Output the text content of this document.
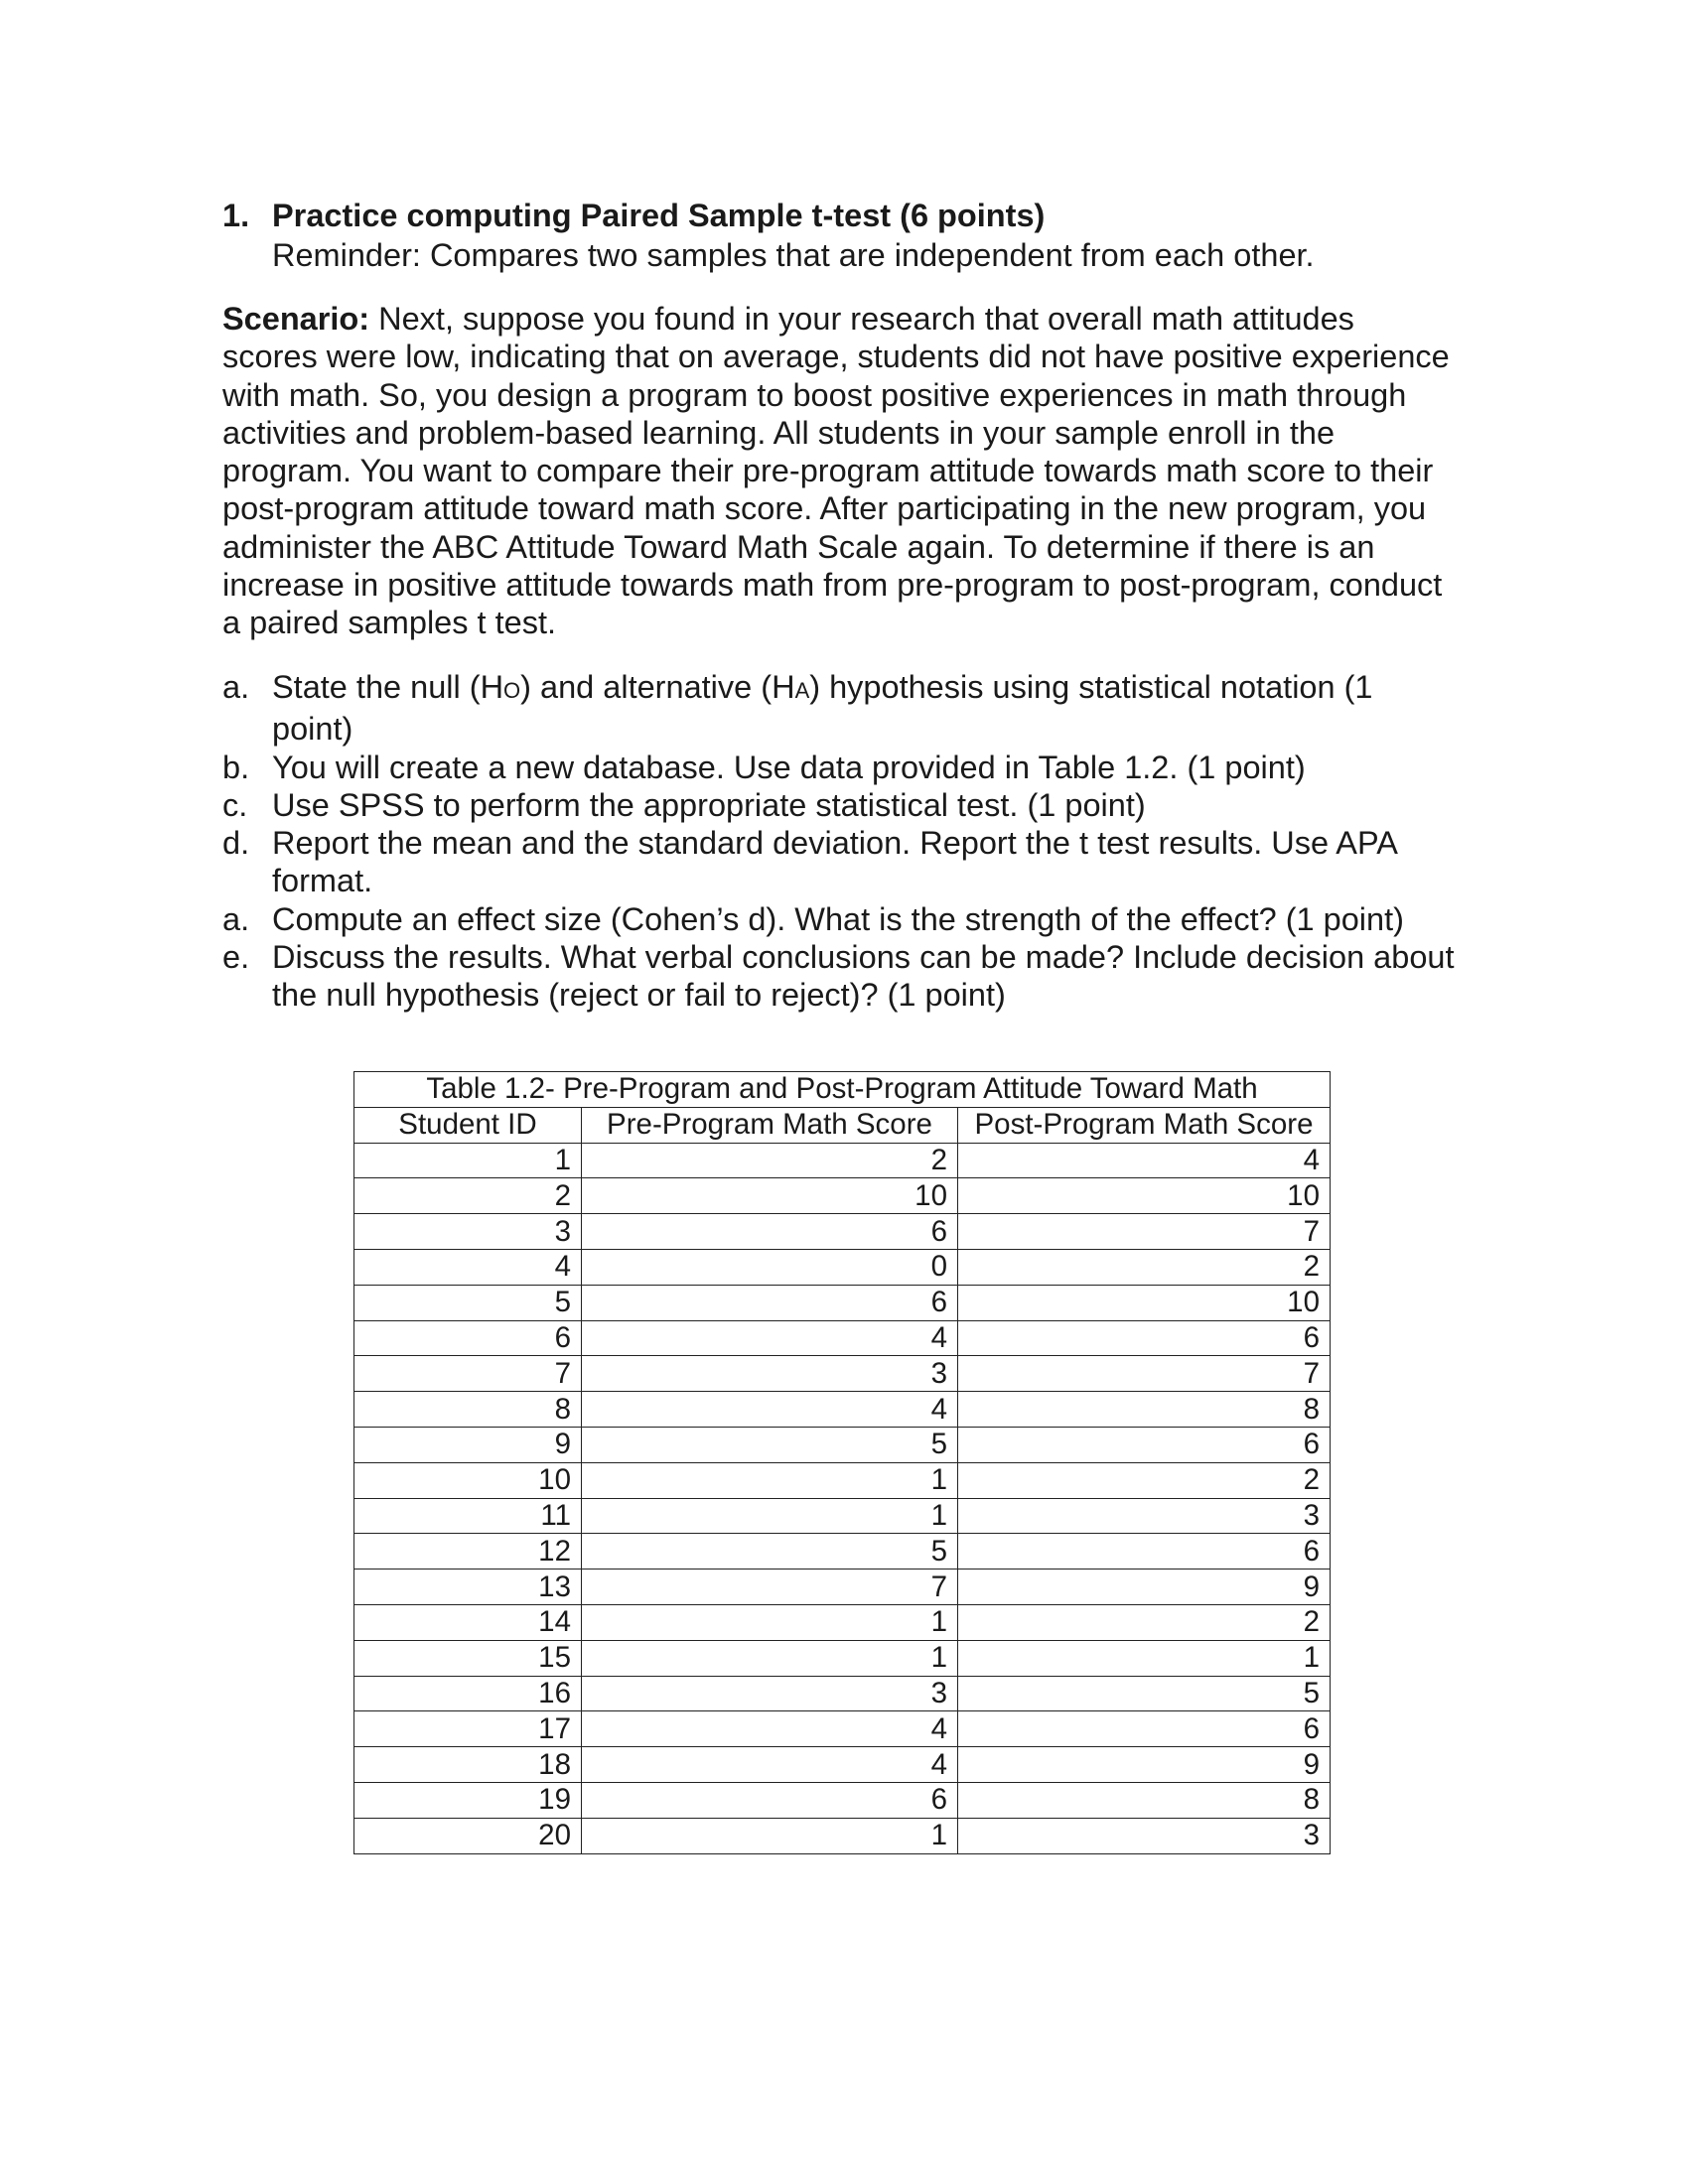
1. Practice computing Paired Sample t-test (6 points)
Reminder: Compares two samples that are independent from each other.

Scenario: Next, suppose you found in your research that overall math attitudes
scores were low, indicating that on average, students did not have positive experience
with math. So, you design a program to boost positive experiences in math through
activities and problem-based learning. All students in your sample enroll in the
program. You want to compare their pre-program attitude towards math score to their
post-program attitude toward math score. After participating in the new program, you
administer the ABC Attitude Toward Math Scale again. To determine if there is an
increase in positive attitude towards math from pre-program to post-program, conduct
a paired samples t test.

a. State the null (HO) and alternative (HA) hypothesis using statistical notation (1
point)
b. You will create a new database. Use data provided in Table 1.2. (1 point)
c. Use SPSS to perform the appropriate statistical test. (1 point)
d. Report the mean and the standard deviation. Report the t test results. Use APA
format.
a. Compute an effect size (Cohen’s d). What is the strength of the effect? (1 point)
e. Discuss the results. What verbal conclusions can be made? Include decision about
the null hypothesis (reject or fail to reject)? (1 point)
Table 1.2- Pre-Program and Post-Program Attitude Toward Math		
Student ID	Pre-Program Math Score	Post-Program Math Score
1	2	4
2	10	10
3	6	7
4	0	2
5	6	10
6	4	6
7	3	7
8	4	8
9	5	6
10	1	2
11	1	3
12	5	6
13	7	9
14	1	2
15	1	1
16	3	5
17	4	6
18	4	9
19	6	8
20	1	3
